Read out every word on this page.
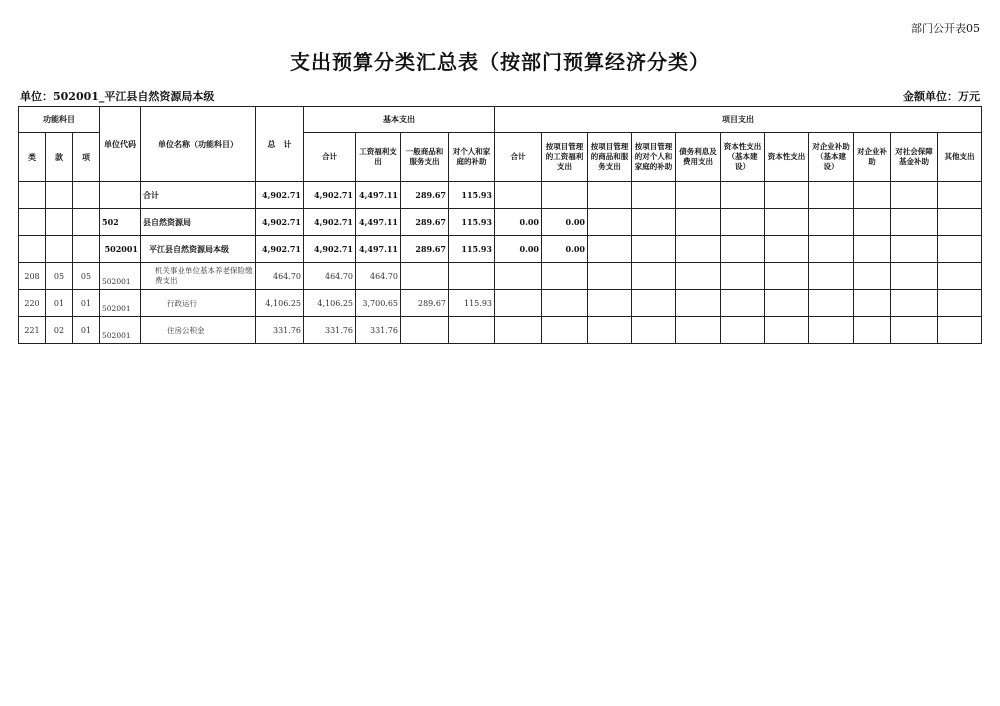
部门公开表05
支出预算分类汇总表（按部门预算经济分类）
单位：502001_平江县自然资源局本级	金额单位：万元
功能科目			单位代码	单位名称（功能科目）	总　计	基本支出				项目支出										
类	款	项				合计	工资福利支出	一般商品和服务支出	对个人和家庭的补助	合计	按项目管理的工资福利支出	按项目管理的商品和服务支出	按项目管理的对个人和家庭的补助	债务利息及费用支出	资本性支出（基本建设）	资本性支出	对企业补助（基本建设）	对企业补助	对社会保障基金补助	其他支出
				合计	4,902.71	4,902.71	4,497.11	289.67	115.93											
			502	县自然资源局	4,902.71	4,902.71	4,497.11	289.67	115.93	0.00	0.00									
			502001	平江县自然资源局本级	4,902.71	4,902.71	4,497.11	289.67	115.93	0.00	0.00									
208	05	05	502001	机关事业单位基本养老保险缴费支出	464.70	464.70	464.70													
220	01	01	502001	行政运行	4,106.25	4,106.25	3,700.65	289.67	115.93											
221	02	01	502001	住房公积金	331.76	331.76	331.76													
